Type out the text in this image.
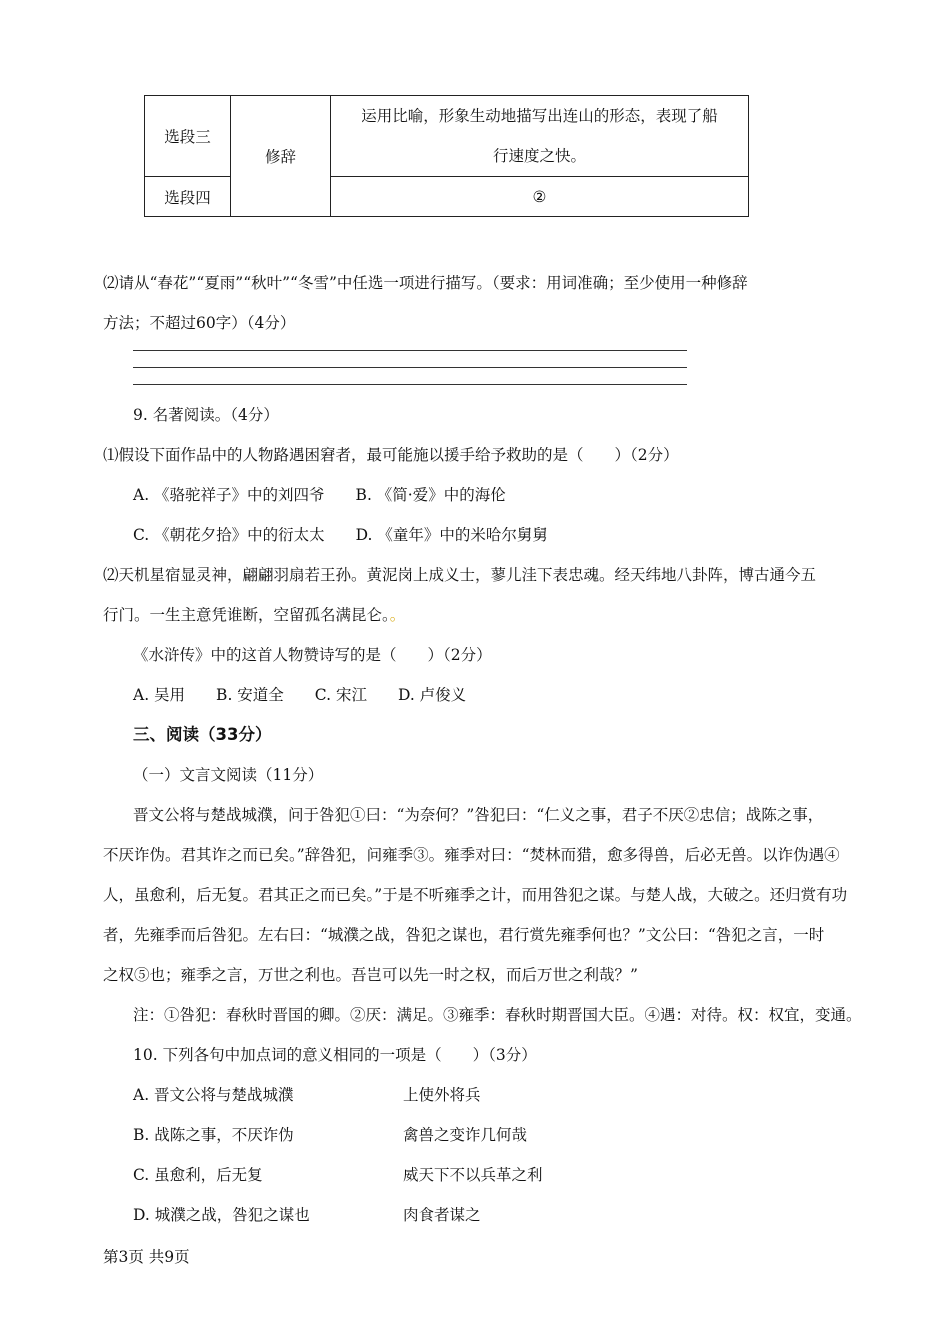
选段三	修辞	运用比喻，形象生动地描写出连山的形态，表现了船
行速度之快。

选段四		②
⑵请从“春花”“夏雨”“秋叶”“冬雪”中任选一项进行描写。（要求：用词准确；至少使用一种修辞
方法；不超过60字）（4分）
9. 名著阅读。（4分）
⑴假设下面作品中的人物路遇困窘者，最可能施以援手给予救助的是（　　）（2分）
A. 《骆驼祥子》中的刘四爷　　B. 《简·爱》中的海伦
C. 《朝花夕拾》中的衍太太　　D. 《童年》中的米哈尔舅舅
⑵天机星宿显灵神，翩翩羽扇若王孙。黄泥岗上成义士，蓼儿洼下表忠魂。经天纬地八卦阵，博古通今五
行门。一生主意凭谁断，空留孤名满昆仑。。
《水浒传》中的这首人物赞诗写的是（　　）（2分）
A. 吴用　　B. 安道全　　C. 宋江　　D. 卢俊义
三、阅读（33分）
（一）文言文阅读（11分）
晋文公将与楚战城濮，问于咎犯①曰：“为奈何？”咎犯曰：“仁义之事，君子不厌②忠信；战陈之事，
不厌诈伪。君其诈之而已矣。”辞咎犯，问雍季③。雍季对曰：“焚林而猎，愈多得兽，后必无兽。以诈伪遇④
人，虽愈利，后无复。君其正之而已矣。”于是不听雍季之计，而用咎犯之谋。与楚人战，大破之。还归赏有功
者，先雍季而后咎犯。左右曰：“城濮之战，咎犯之谋也，君行赏先雍季何也？”文公曰：“咎犯之言，一时
之权⑤也；雍季之言，万世之利也。吾岂可以先一时之权，而后万世之利哉？”
注：①咎犯：春秋时晋国的卿。②厌：满足。③雍季：春秋时期晋国大臣。④遇：对待。权：权宜，变通。
10. 下列各句中加点词的意义相同的一项是（　　）（3分）
A. 晋文公将与楚战城濮	上使外将兵
B. 战陈之事，不厌诈伪	禽兽之变诈几何哉
C. 虽愈利，后无复	威天下不以兵革之利
D. 城濮之战，咎犯之谋也	肉食者谋之
第3页 共9页
